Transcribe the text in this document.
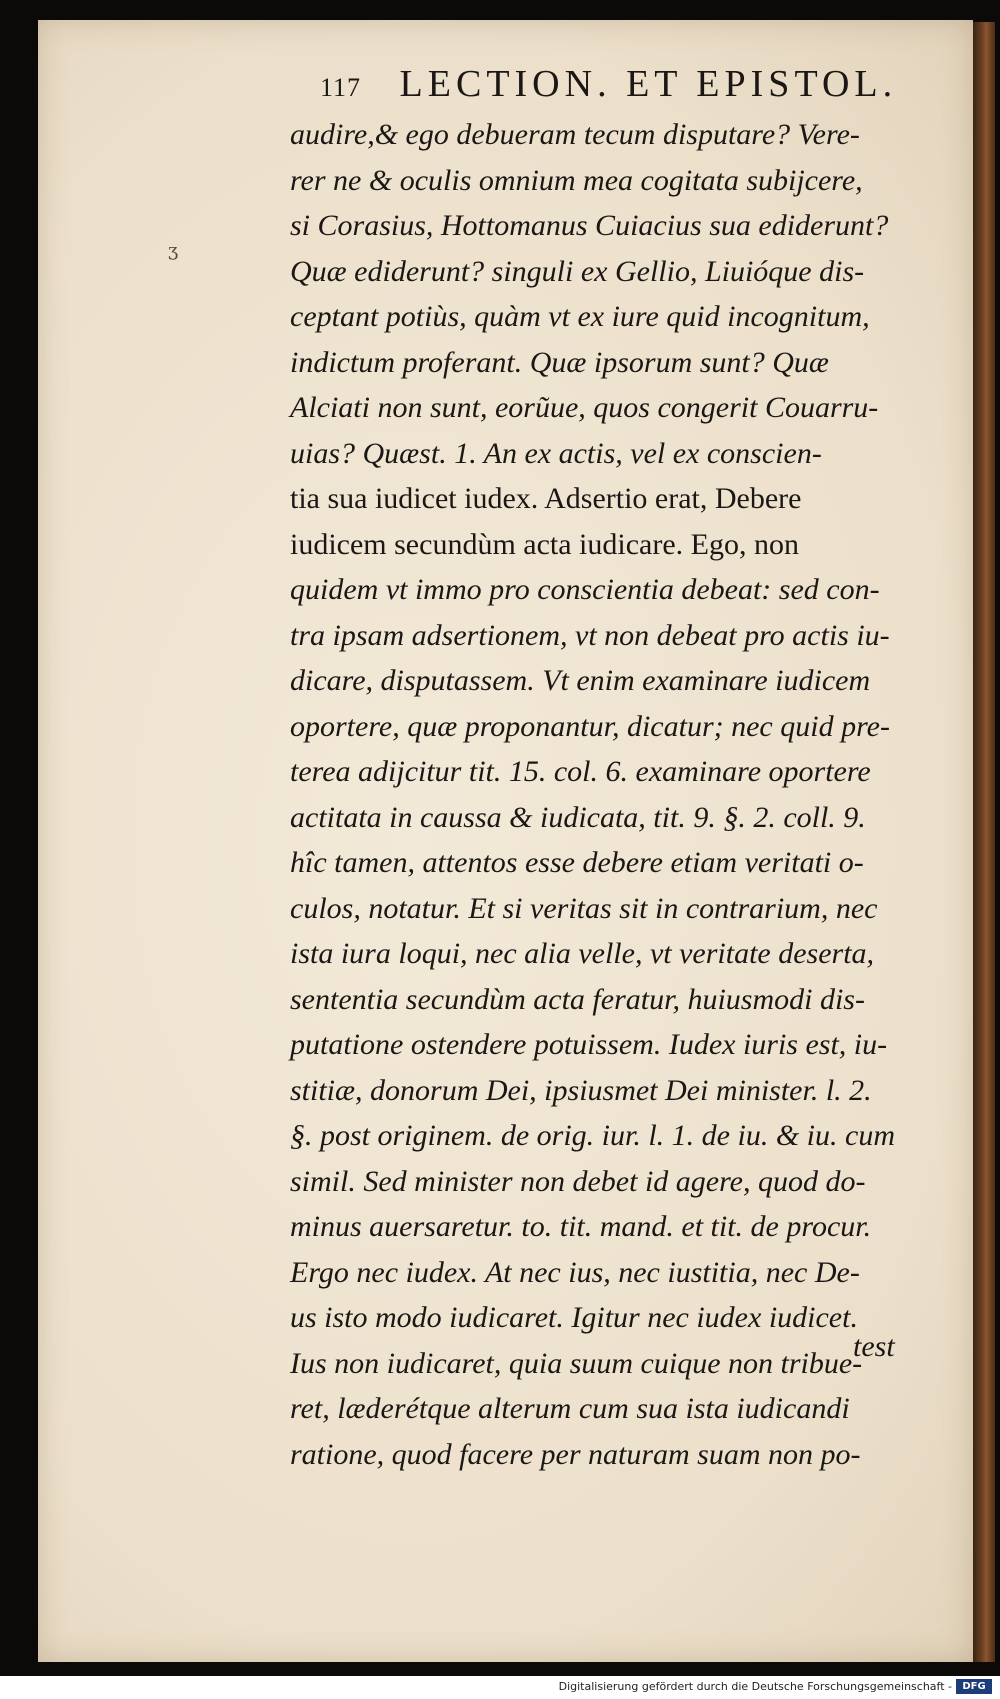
117 LECTION. ET EPISTOL.
ʒ
audire,& ego debueram tecum disputare? Vere-
rer ne & oculis omnium mea cogitata subijcere,
si Corasius, Hottomanus Cuiacius sua ediderunt?
Quæ ediderunt? singuli ex Gellio, Liuióque dis-
ceptant potiùs, quàm vt ex iure quid incognitum,
indictum proferant. Quæ ipsorum sunt? Quæ
Alciati non sunt, eorũue, quos congerit Couarru-
uias? Quæst. 1. An ex actis, vel ex conscien-
tia sua iudicet iudex. Adsertio erat, Debere
iudicem secundùm acta iudicare. Ego, non
quidem vt immo pro conscientia debeat: sed con-
tra ipsam adsertionem, vt non debeat pro actis iu-
dicare, disputassem. Vt enim examinare iudicem
oportere, quæ proponantur, dicatur; nec quid pre-
terea adijcitur tit. 15. col. 6. examinare oportere
actitata in caussa & iudicata, tit. 9. §. 2. coll. 9.
hîc tamen, attentos esse debere etiam veritati o-
culos, notatur. Et si veritas sit in contrarium, nec
ista iura loqui, nec alia velle, vt veritate deserta,
sententia secundùm acta feratur, huiusmodi dis-
putatione ostendere potuissem. Iudex iuris est, iu-
stitiæ, donorum Dei, ipsiusmet Dei minister. l. 2.
§. post originem. de orig. iur. l. 1. de iu. & iu. cum
simil. Sed minister non debet id agere, quod do-
minus auersaretur. to. tit. mand. et tit. de procur.
Ergo nec iudex. At nec ius, nec iustitia, nec De-
us isto modo iudicaret. Igitur nec iudex iudicet.
Ius non iudicaret, quia suum cuique non tribue-
ret, læderétque alterum cum sua ista iudicandi
ratione, quod facere per naturam suam non po-
test
Digitalisierung gefördert durch die Deutsche Forschungsgemeinschaft -	DFG
